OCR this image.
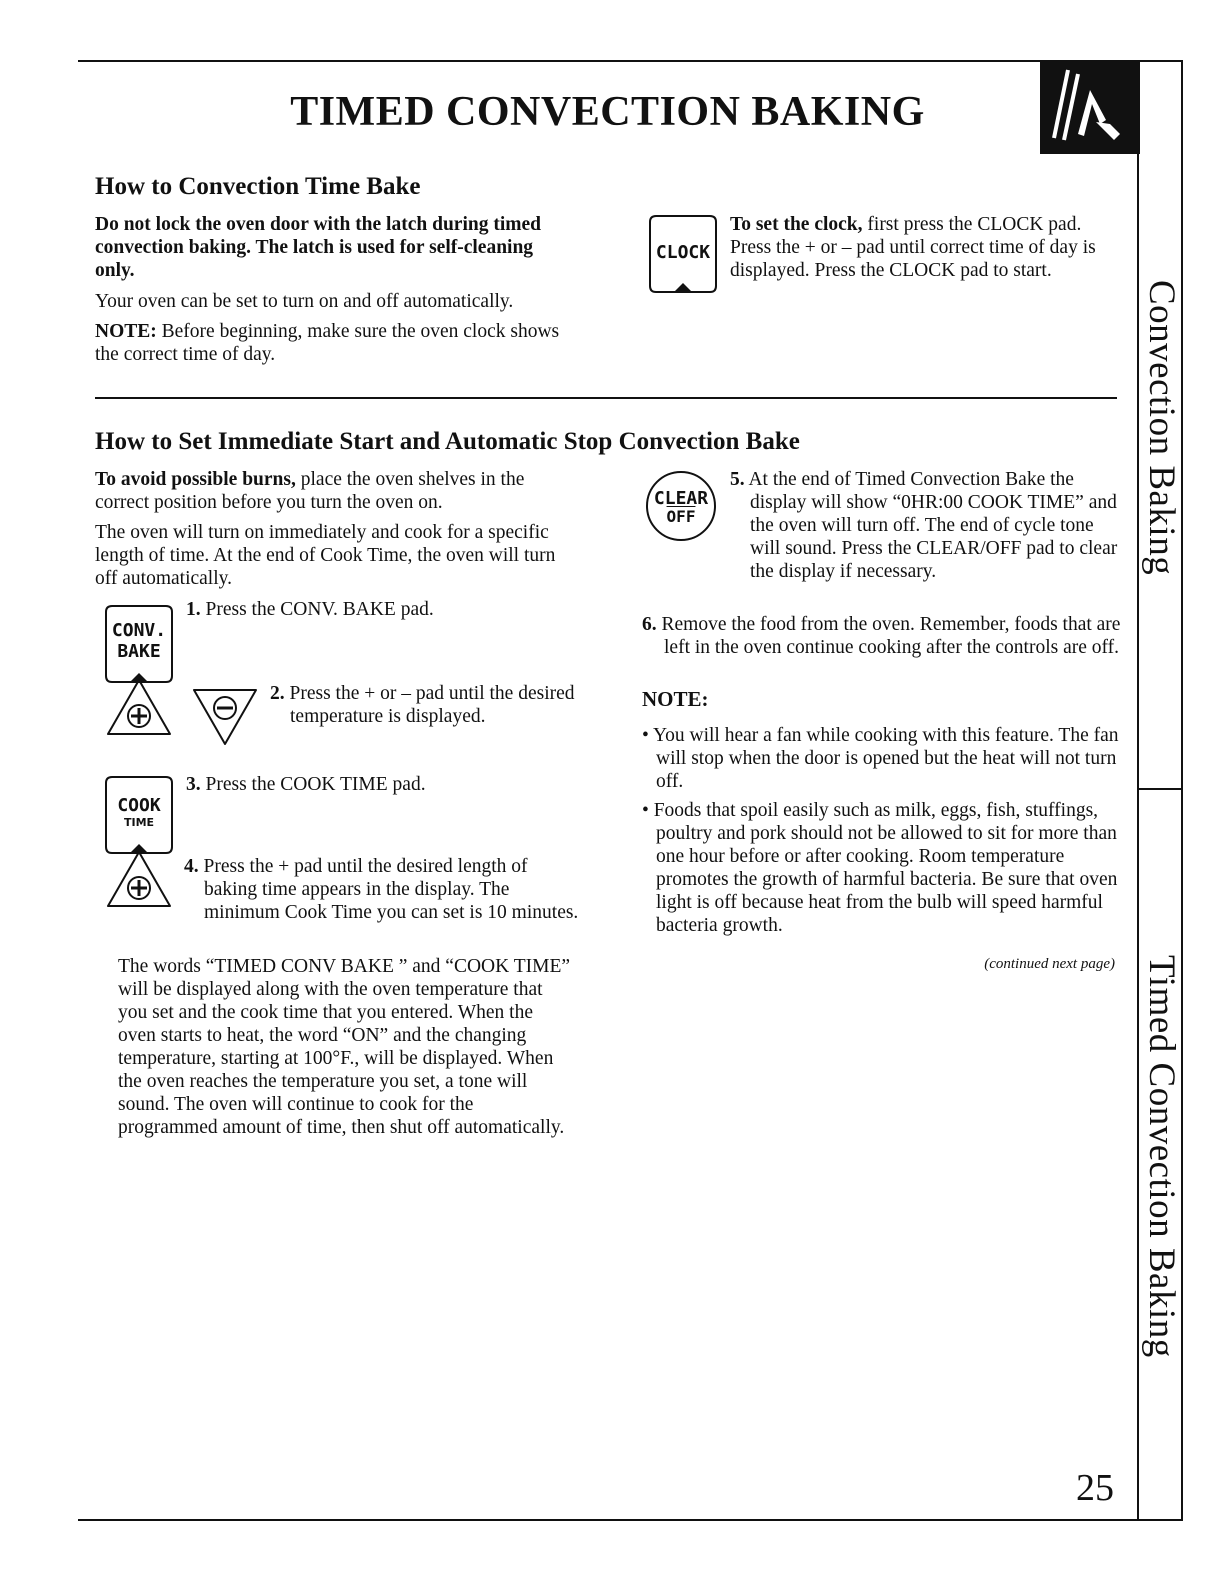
TIMED CONVECTION BAKING
How to Convection Time Bake
Do not lock the oven door with the latch during timed convection baking. The latch is used for self-cleaning only.
Your oven can be set to turn on and off automatically.
NOTE: Before beginning, make sure the oven clock shows the correct time of day.
CLOCK
To set the clock, first press the CLOCK pad. Press the + or – pad until correct time of day is displayed. Press the CLOCK pad to start.
How to Set Immediate Start and Automatic Stop Convection Bake
To avoid possible burns, place the oven shelves in the correct position before you turn the oven on.
The oven will turn on immediately and cook for a specific length of time. At the end of Cook Time, the oven will turn off automatically.
CONV.
BAKE
1. Press the CONV. BAKE pad.
2. Press the + or – pad until the desired temperature is displayed.
COOK
TIME
3. Press the COOK TIME pad.
4. Press the + pad until the desired length of baking time appears in the display. The minimum Cook Time you can set is 10 minutes.
The words “TIMED CONV BAKE ” and “COOK TIME” will be displayed along with the oven temperature that you set and the cook time that you entered. When the oven starts to heat, the word “ON” and the changing temperature, starting at 100°F., will be displayed. When the oven reaches the temperature you set, a tone will sound. The oven will continue to cook for the programmed amount of time, then shut off automatically.
CLEAR
$\overline{OFF}$
5. At the end of Timed Convection Bake the display will show “0HR:00 COOK TIME” and the oven will turn off. The end of cycle tone will sound. Press the CLEAR/OFF pad to clear the display if necessary.
6. Remove the food from the oven. Remember, foods that are left in the oven continue cooking after the controls are off.
NOTE:
• You will hear a fan while cooking with this feature. The fan will stop when the door is opened but the heat will not turn off.
• Foods that spoil easily such as milk, eggs, fish, stuffings, poultry and pork should not be allowed to sit for more than one hour before or after cooking. Room temperature promotes the growth of harmful bacteria. Be sure that oven light is off because heat from the bulb will speed harmful bacteria growth.
(continued next page)
Convection Baking
Timed Convection Baking
25
